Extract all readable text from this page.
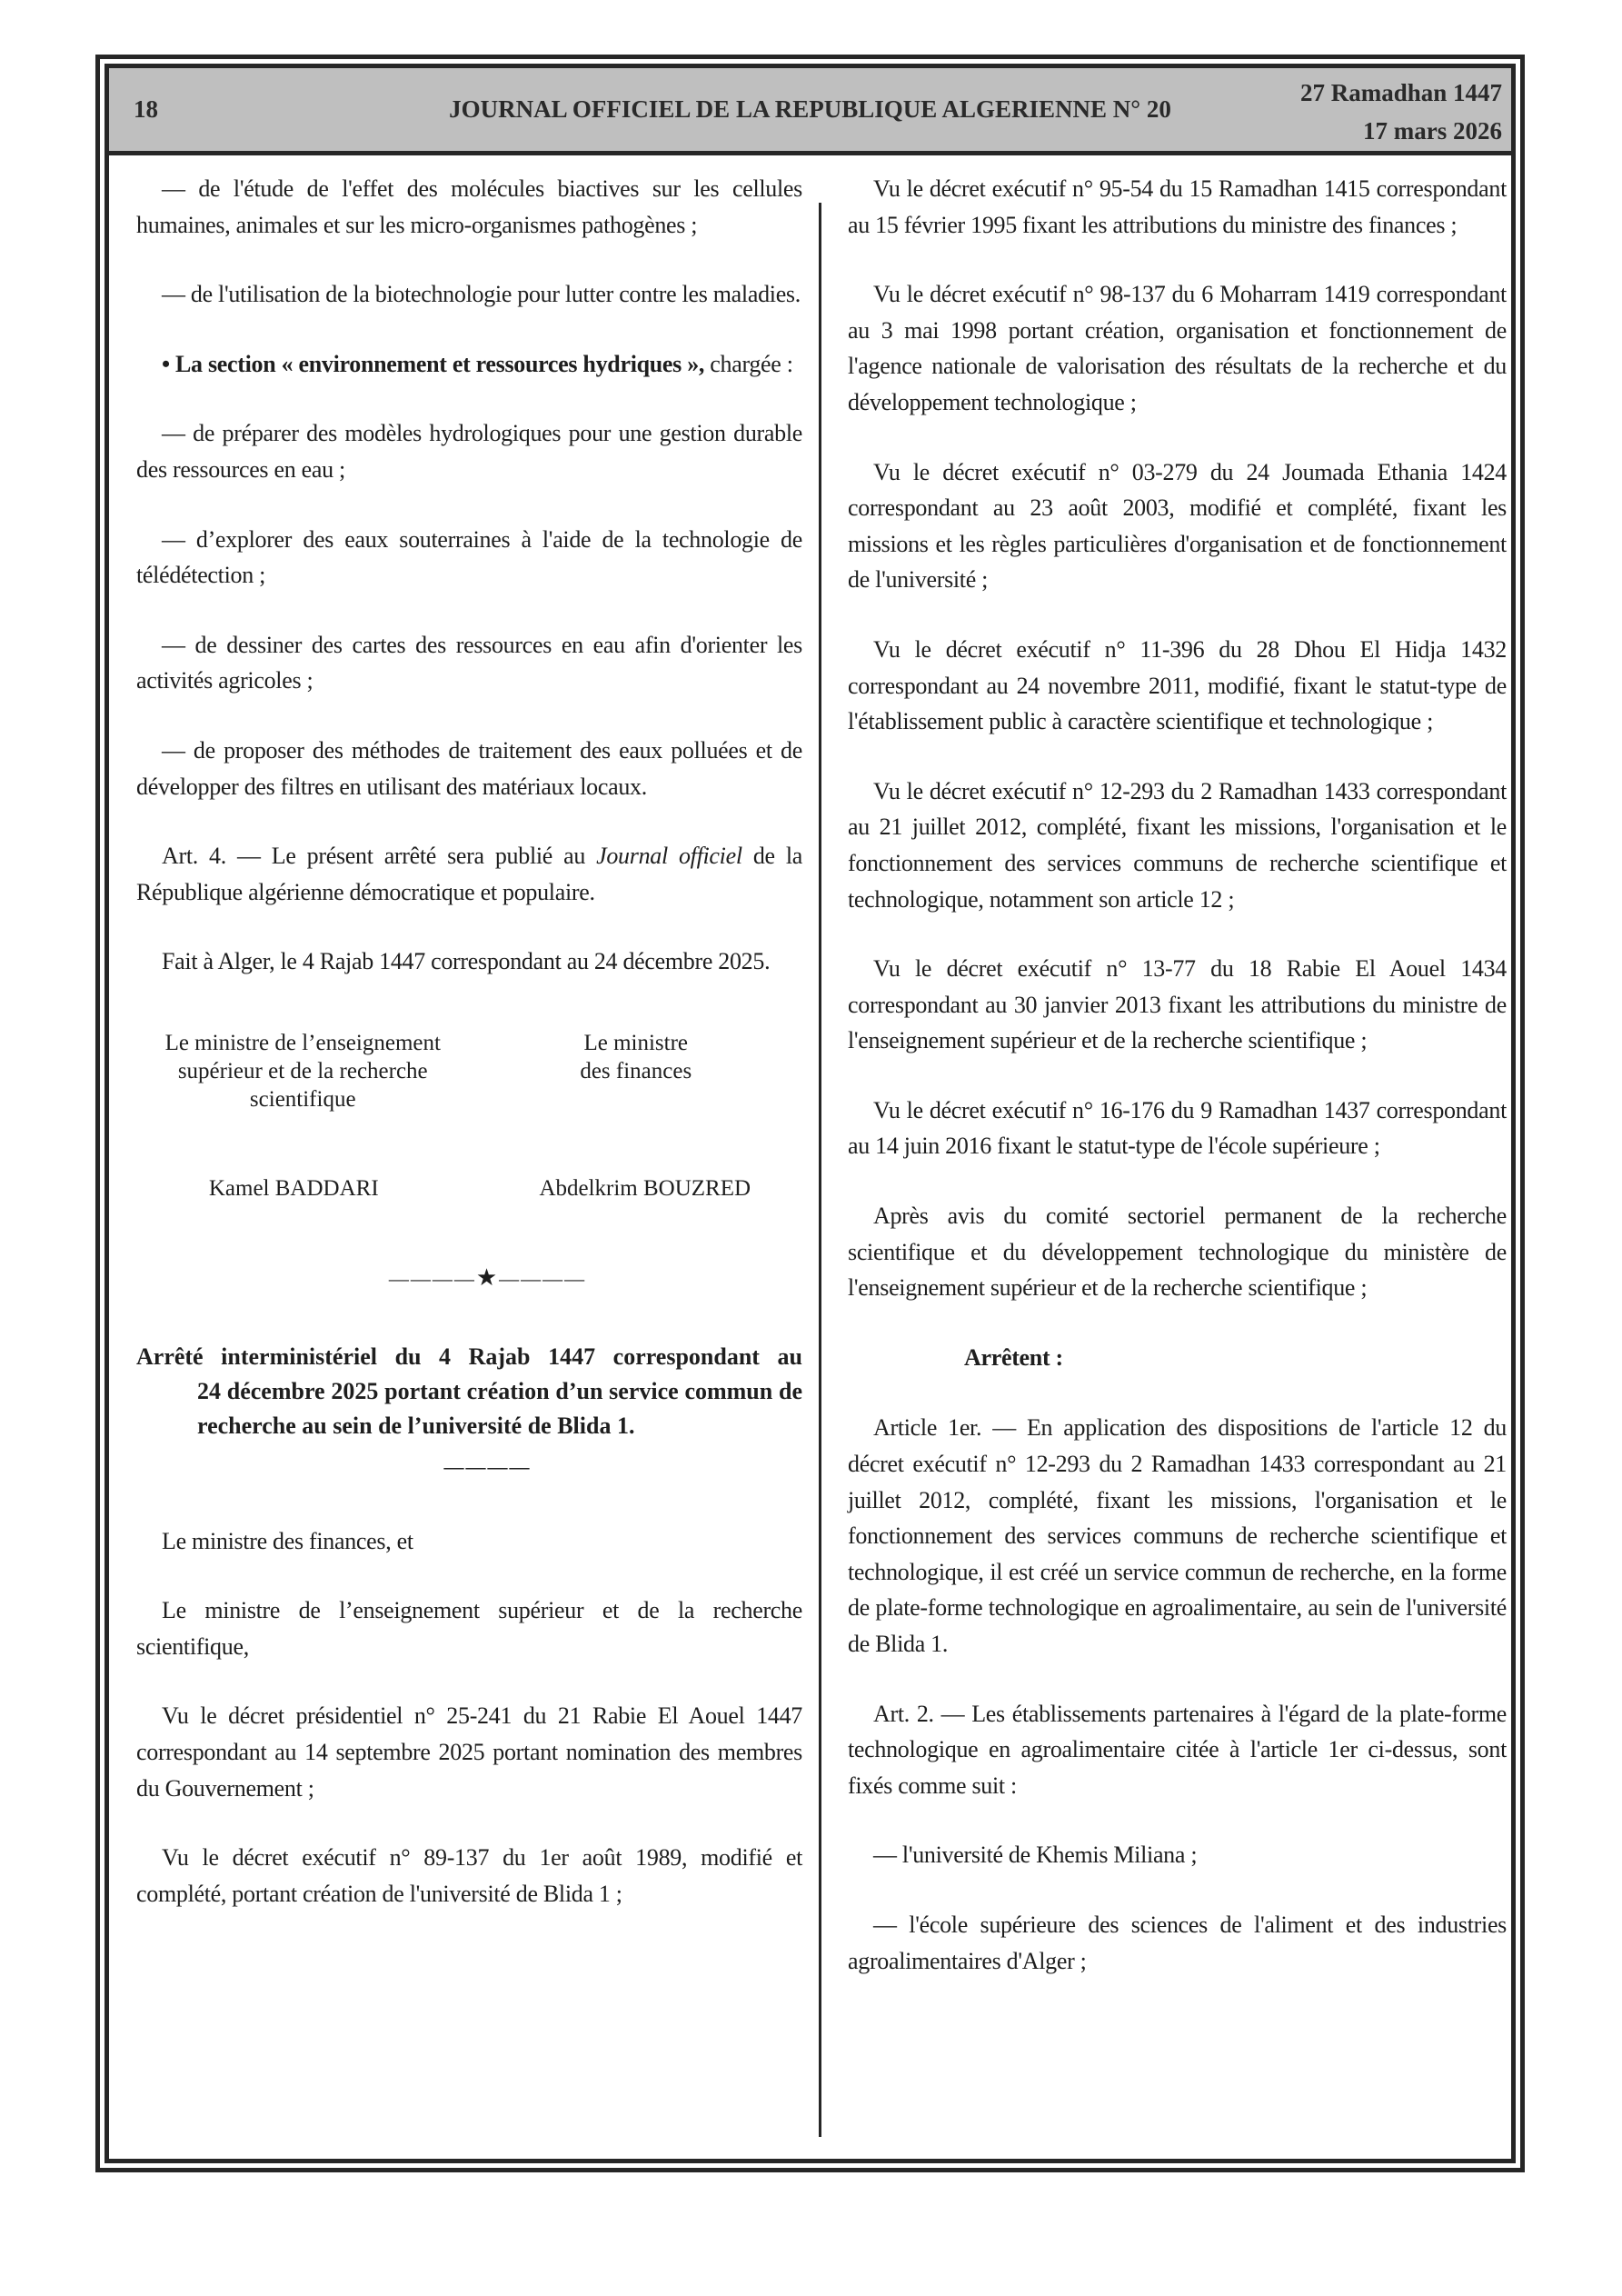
18	JOURNAL OFFICIEL DE LA REPUBLIQUE ALGERIENNE N° 20
27 Ramadhan 1447
17 mars 2026

— de l'étude de l'effet des molécules biactives sur les cellules humaines, animales et sur les micro-organismes pathogènes ;

— de l'utilisation de la biotechnologie pour lutter contre les maladies.

• La section « environnement et ressources hydriques », chargée :

— de préparer des modèles hydrologiques pour une gestion durable des ressources en eau ;

— d’explorer des eaux souterraines à l'aide de la technologie de télédétection ;

— de dessiner des cartes des ressources en eau afin d'orienter les activités agricoles ;

— de proposer des méthodes de traitement des eaux polluées et de développer des filtres en utilisant des matériaux locaux.

Art. 4. — Le présent arrêté sera publié au Journal officiel de la République algérienne démocratique et populaire.

Fait à Alger, le 4 Rajab 1447 correspondant au 24 décembre 2025.

Le ministre de l’enseignement supérieur et de la recherche scientifique
Le ministre
des finances
Kamel BADDARI	Abdelkrim BOUZRED
————★————
Arrêté interministériel du 4 Rajab 1447 correspondant au
24 décembre 2025 portant création d’un service commun de recherche au sein de l’université de Blida 1.
————

Le ministre des finances, et

Le ministre de l’enseignement supérieur et de la recherche scientifique,

Vu le décret présidentiel n° 25-241 du 21 Rabie El Aouel 1447 correspondant au 14 septembre 2025 portant nomination des membres du Gouvernement ;

Vu le décret exécutif n° 89-137 du 1er août 1989, modifié et complété, portant création de l'université de Blida 1 ;

Vu le décret exécutif n° 95-54 du 15 Ramadhan 1415 correspondant au 15 février 1995 fixant les attributions du ministre des finances ;

Vu le décret exécutif n° 98-137 du 6 Moharram 1419 correspondant au 3 mai 1998 portant création, organisation et fonctionnement de l'agence nationale de valorisation des résultats de la recherche et du développement technologique ;

Vu le décret exécutif n° 03-279 du 24 Joumada Ethania 1424 correspondant au 23 août 2003, modifié et complété, fixant les missions et les règles particulières d'organisation et de fonctionnement de l'université ;

Vu le décret exécutif n° 11-396 du 28 Dhou El Hidja 1432 correspondant au 24 novembre 2011, modifié, fixant le statut-type de l'établissement public à caractère scientifique et technologique ;

Vu le décret exécutif n° 12-293 du 2 Ramadhan 1433 correspondant au 21 juillet 2012, complété, fixant les missions, l'organisation et le fonctionnement des services communs de recherche scientifique et technologique, notamment son article 12 ;

Vu le décret exécutif n° 13-77 du 18 Rabie El Aouel 1434 correspondant au 30 janvier 2013 fixant les attributions du ministre de l'enseignement supérieur et de la recherche scientifique ;

Vu le décret exécutif n° 16-176 du 9 Ramadhan 1437 correspondant au 14 juin 2016 fixant le statut-type de l'école supérieure ;

Après avis du comité sectoriel permanent de la recherche scientifique et du développement technologique du ministère de l'enseignement supérieur et de la recherche scientifique ;

Arrêtent :

Article 1er. — En application des dispositions de l'article 12 du décret exécutif n° 12-293 du 2 Ramadhan 1433 correspondant au 21 juillet 2012, complété, fixant les missions, l'organisation et le fonctionnement des services communs de recherche scientifique et technologique, il est créé un service commun de recherche, en la forme de plate-forme technologique en agroalimentaire, au sein de l'université de Blida 1.

Art. 2. — Les établissements partenaires à l'égard de la plate-forme technologique en agroalimentaire citée à l'article 1er ci-dessus, sont fixés comme suit :

— l'université de Khemis Miliana ;

— l'école supérieure des sciences de l'aliment et des industries agroalimentaires d'Alger ;
